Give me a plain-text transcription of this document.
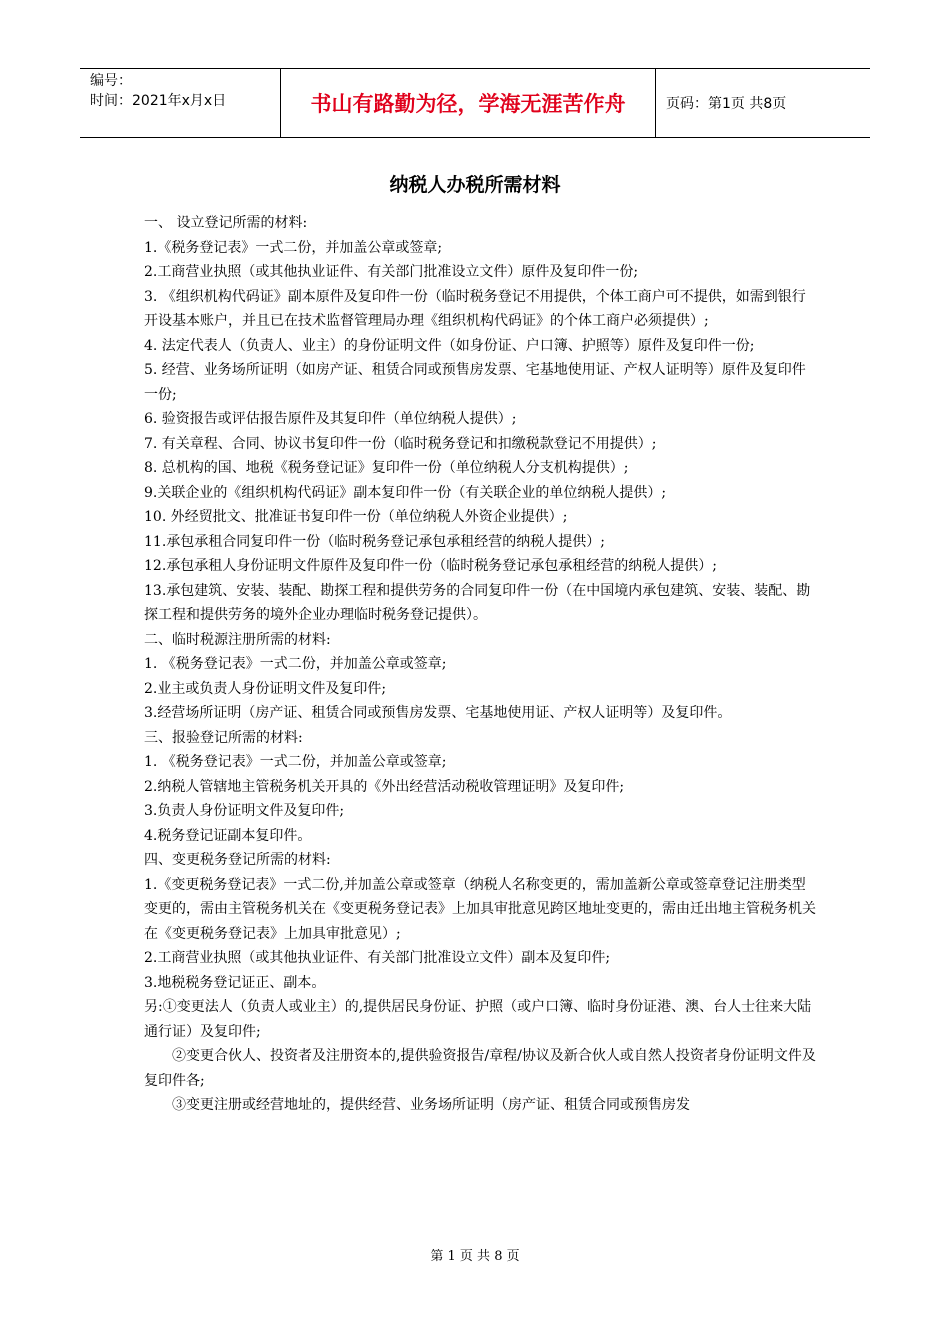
编号：
时间：2021年x月x日	书山有路勤为径，学海无涯苦作舟	页码：第1页 共8页
纳税人办税所需材料

一、 设立登记所需的材料:

1.《税务登记表》一式二份，并加盖公章或签章;

2.工商营业执照（或其他执业证件、有关部门批准设立文件）原件及复印件一份;

3. 《组织机构代码证》副本原件及复印件一份（临时税务登记不用提供，个体工商户可不提供，如需到银行开设基本账户，并且已在技术监督管理局办理《组织机构代码证》的个体工商户必须提供）;

4. 法定代表人（负责人、业主）的身份证明文件（如身份证、户口簿、护照等）原件及复印件一份;

5. 经营、业务场所证明（如房产证、租赁合同或预售房发票、宅基地使用证、产权人证明等）原件及复印件一份;

6. 验资报告或评估报告原件及其复印件（单位纳税人提供）;

7. 有关章程、合同、协议书复印件一份（临时税务登记和扣缴税款登记不用提供）;

8. 总机构的国、地税《税务登记证》复印件一份（单位纳税人分支机构提供）;

9.关联企业的《组织机构代码证》副本复印件一份（有关联企业的单位纳税人提供）;

10. 外经贸批文、批准证书复印件一份（单位纳税人外资企业提供）;

11.承包承租合同复印件一份（临时税务登记承包承租经营的纳税人提供）;

12.承包承租人身份证明文件原件及复印件一份（临时税务登记承包承租经营的纳税人提供）;

13.承包建筑、安装、装配、勘探工程和提供劳务的合同复印件一份（在中国境内承包建筑、安装、装配、勘探工程和提供劳务的境外企业办理临时税务登记提供）。

二、临时税源注册所需的材料:

1. 《税务登记表》一式二份，并加盖公章或签章;

2.业主或负责人身份证明文件及复印件;

3.经营场所证明（房产证、租赁合同或预售房发票、宅基地使用证、产权人证明等）及复印件。

三、报验登记所需的材料:

1. 《税务登记表》一式二份，并加盖公章或签章;

2.纳税人管辖地主管税务机关开具的《外出经营活动税收管理证明》及复印件;

3.负责人身份证明文件及复印件;

4.税务登记证副本复印件。

四、变更税务登记所需的材料:

1.《变更税务登记表》一式二份,并加盖公章或签章（纳税人名称变更的，需加盖新公章或签章登记注册类型变更的，需由主管税务机关在《变更税务登记表》上加具审批意见跨区地址变更的，需由迁出地主管税务机关在《变更税务登记表》上加具审批意见）;

2.工商营业执照（或其他执业证件、有关部门批准设立文件）副本及复印件;

3.地税税务登记证正、副本。

另:①变更法人（负责人或业主）的,提供居民身份证、护照（或户口簿、临时身份证港、澳、台人士往来大陆通行证）及复印件;

②变更合伙人、投资者及注册资本的,提供验资报告/章程/协议及新合伙人或自然人投资者身份证明文件及复印件各;

③变更注册或经营地址的，提供经营、业务场所证明（房产证、租赁合同或预售房发

第 1 页 共 8 页
